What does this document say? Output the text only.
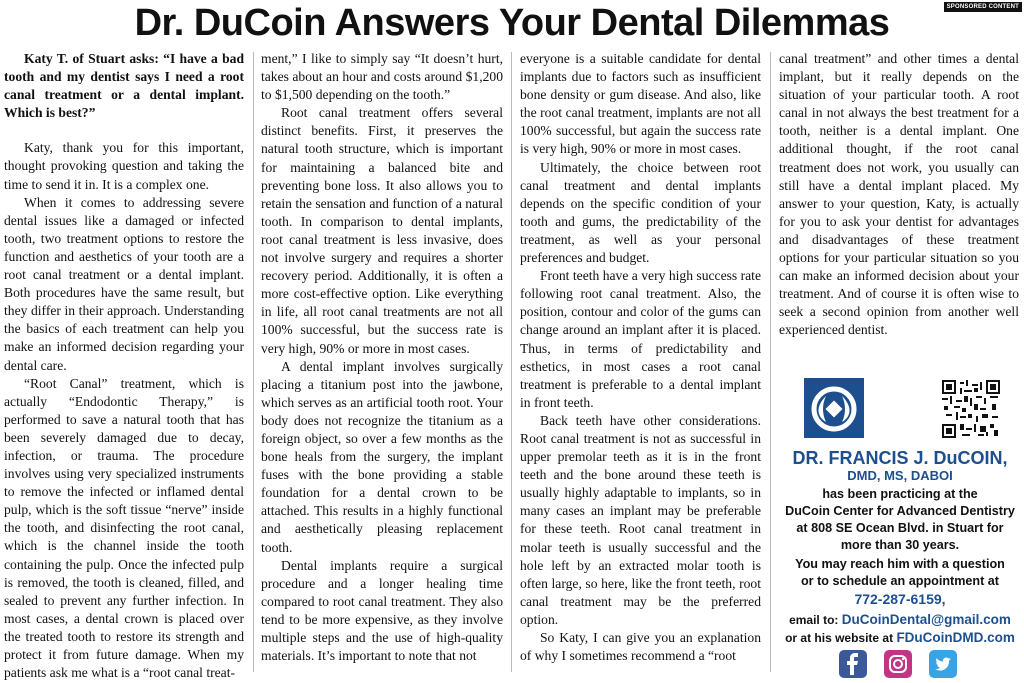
Dr. DuCoin Answers Your Dental Dilemmas	SPONSORED CONTENT

Katy T. of Stuart asks: “I have a bad tooth and my dentist says I need a root canal treatment or a dental implant. Which is best?”

Katy, thank you for this important, thought provoking question and taking the time to send it in. It is a complex one.

When it comes to addressing severe dental issues like a damaged or infected tooth, two treatment options to restore the function and aesthetics of your tooth are a root canal treatment or a dental implant. Both procedures have the same result, but they differ in their approach. Understanding the basics of each treatment can help you make an informed decision regarding your dental care.

“Root Canal” treatment, which is actually “Endodontic Therapy,” is performed to save a natural tooth that has been severely damaged due to decay, infection, or trauma. The procedure involves using very specialized instruments to remove the infected or inflamed dental pulp, which is the soft tissue “nerve” inside the tooth, and disinfecting the root canal, which is the channel inside the tooth containing the pulp. Once the infected pulp is removed, the tooth is cleaned, filled, and sealed to prevent any further infection. In most cases, a dental crown is placed over the treated tooth to restore its strength and protect it from future damage. When my patients ask me what is a “root canal treat-

ment,” I like to simply say “It doesn’t hurt, takes about an hour and costs around $1,200 to $1,500 depending on the tooth.”

Root canal treatment offers several distinct benefits. First, it preserves the natural tooth structure, which is important for maintaining a balanced bite and preventing bone loss. It also allows you to retain the sensation and function of a natural tooth. In comparison to dental implants, root canal treatment is less invasive, does not involve surgery and requires a shorter recovery period. Additionally, it is often a more cost-effective option. Like everything in life, all root canal treatments are not all 100% successful, but the success rate is very high, 90% or more in most cases.

A dental implant involves surgically placing a titanium post into the jawbone, which serves as an artificial tooth root. Your body does not recognize the titanium as a foreign object, so over a few months as the bone heals from the surgery, the implant fuses with the bone providing a stable foundation for a dental crown to be attached. This results in a highly functional and aesthetically pleasing replacement tooth.

Dental implants require a surgical procedure and a longer healing time compared to root canal treatment. They also tend to be more expensive, as they involve multiple steps and the use of high-quality materials. It’s important to note that not

everyone is a suitable candidate for dental implants due to factors such as insufficient bone density or gum disease. And also, like the root canal treatment, implants are not all 100% successful, but again the success rate is very high, 90% or more in most cases.

Ultimately, the choice between root canal treatment and dental implants depends on the specific condition of your tooth and gums, the predictability of the treatment, as well as your personal preferences and budget.

Front teeth have a very high success rate following root canal treatment. Also, the position, contour and color of the gums can change around an implant after it is placed. Thus, in terms of predictability and esthetics, in most cases a root canal treatment is preferable to a dental implant in front teeth.

Back teeth have other considerations. Root canal treatment is not as successful in upper premolar teeth as it is in the front teeth and the bone around these teeth is usually highly adaptable to implants, so in many cases an implant may be preferable for these teeth. Root canal treatment in molar teeth is usually successful and the hole left by an extracted molar tooth is often large, so here, like the front teeth, root canal treatment may be the preferred option.

So Katy, I can give you an explanation of why I sometimes recommend a “root

canal treatment” and other times a dental implant, but it really depends on the situation of your particular tooth. A root canal in not always the best treatment for a tooth, neither is a dental implant. One additional thought, if the root canal treatment does not work, you usually can still have a dental implant placed. My answer to your question, Katy, is actually for you to ask your dentist for advantages and disadvantages of these treatment options for your particular situation so you can make an informed decision about your treatment. And of course it is often wise to seek a second opinion from another well experienced dentist.

DR. FRANCIS J. DuCOIN,
DMD, MS, DABOI
has been practicing at the
DuCoin Center for Advanced Dentistry
at 808 SE Ocean Blvd. in Stuart for
more than 30 years.
You may reach him with a question
or to schedule an appointment at
772-287-6159,
email to: DuCoinDental@gmail.com
or at his website at FDuCoinDMD.com
